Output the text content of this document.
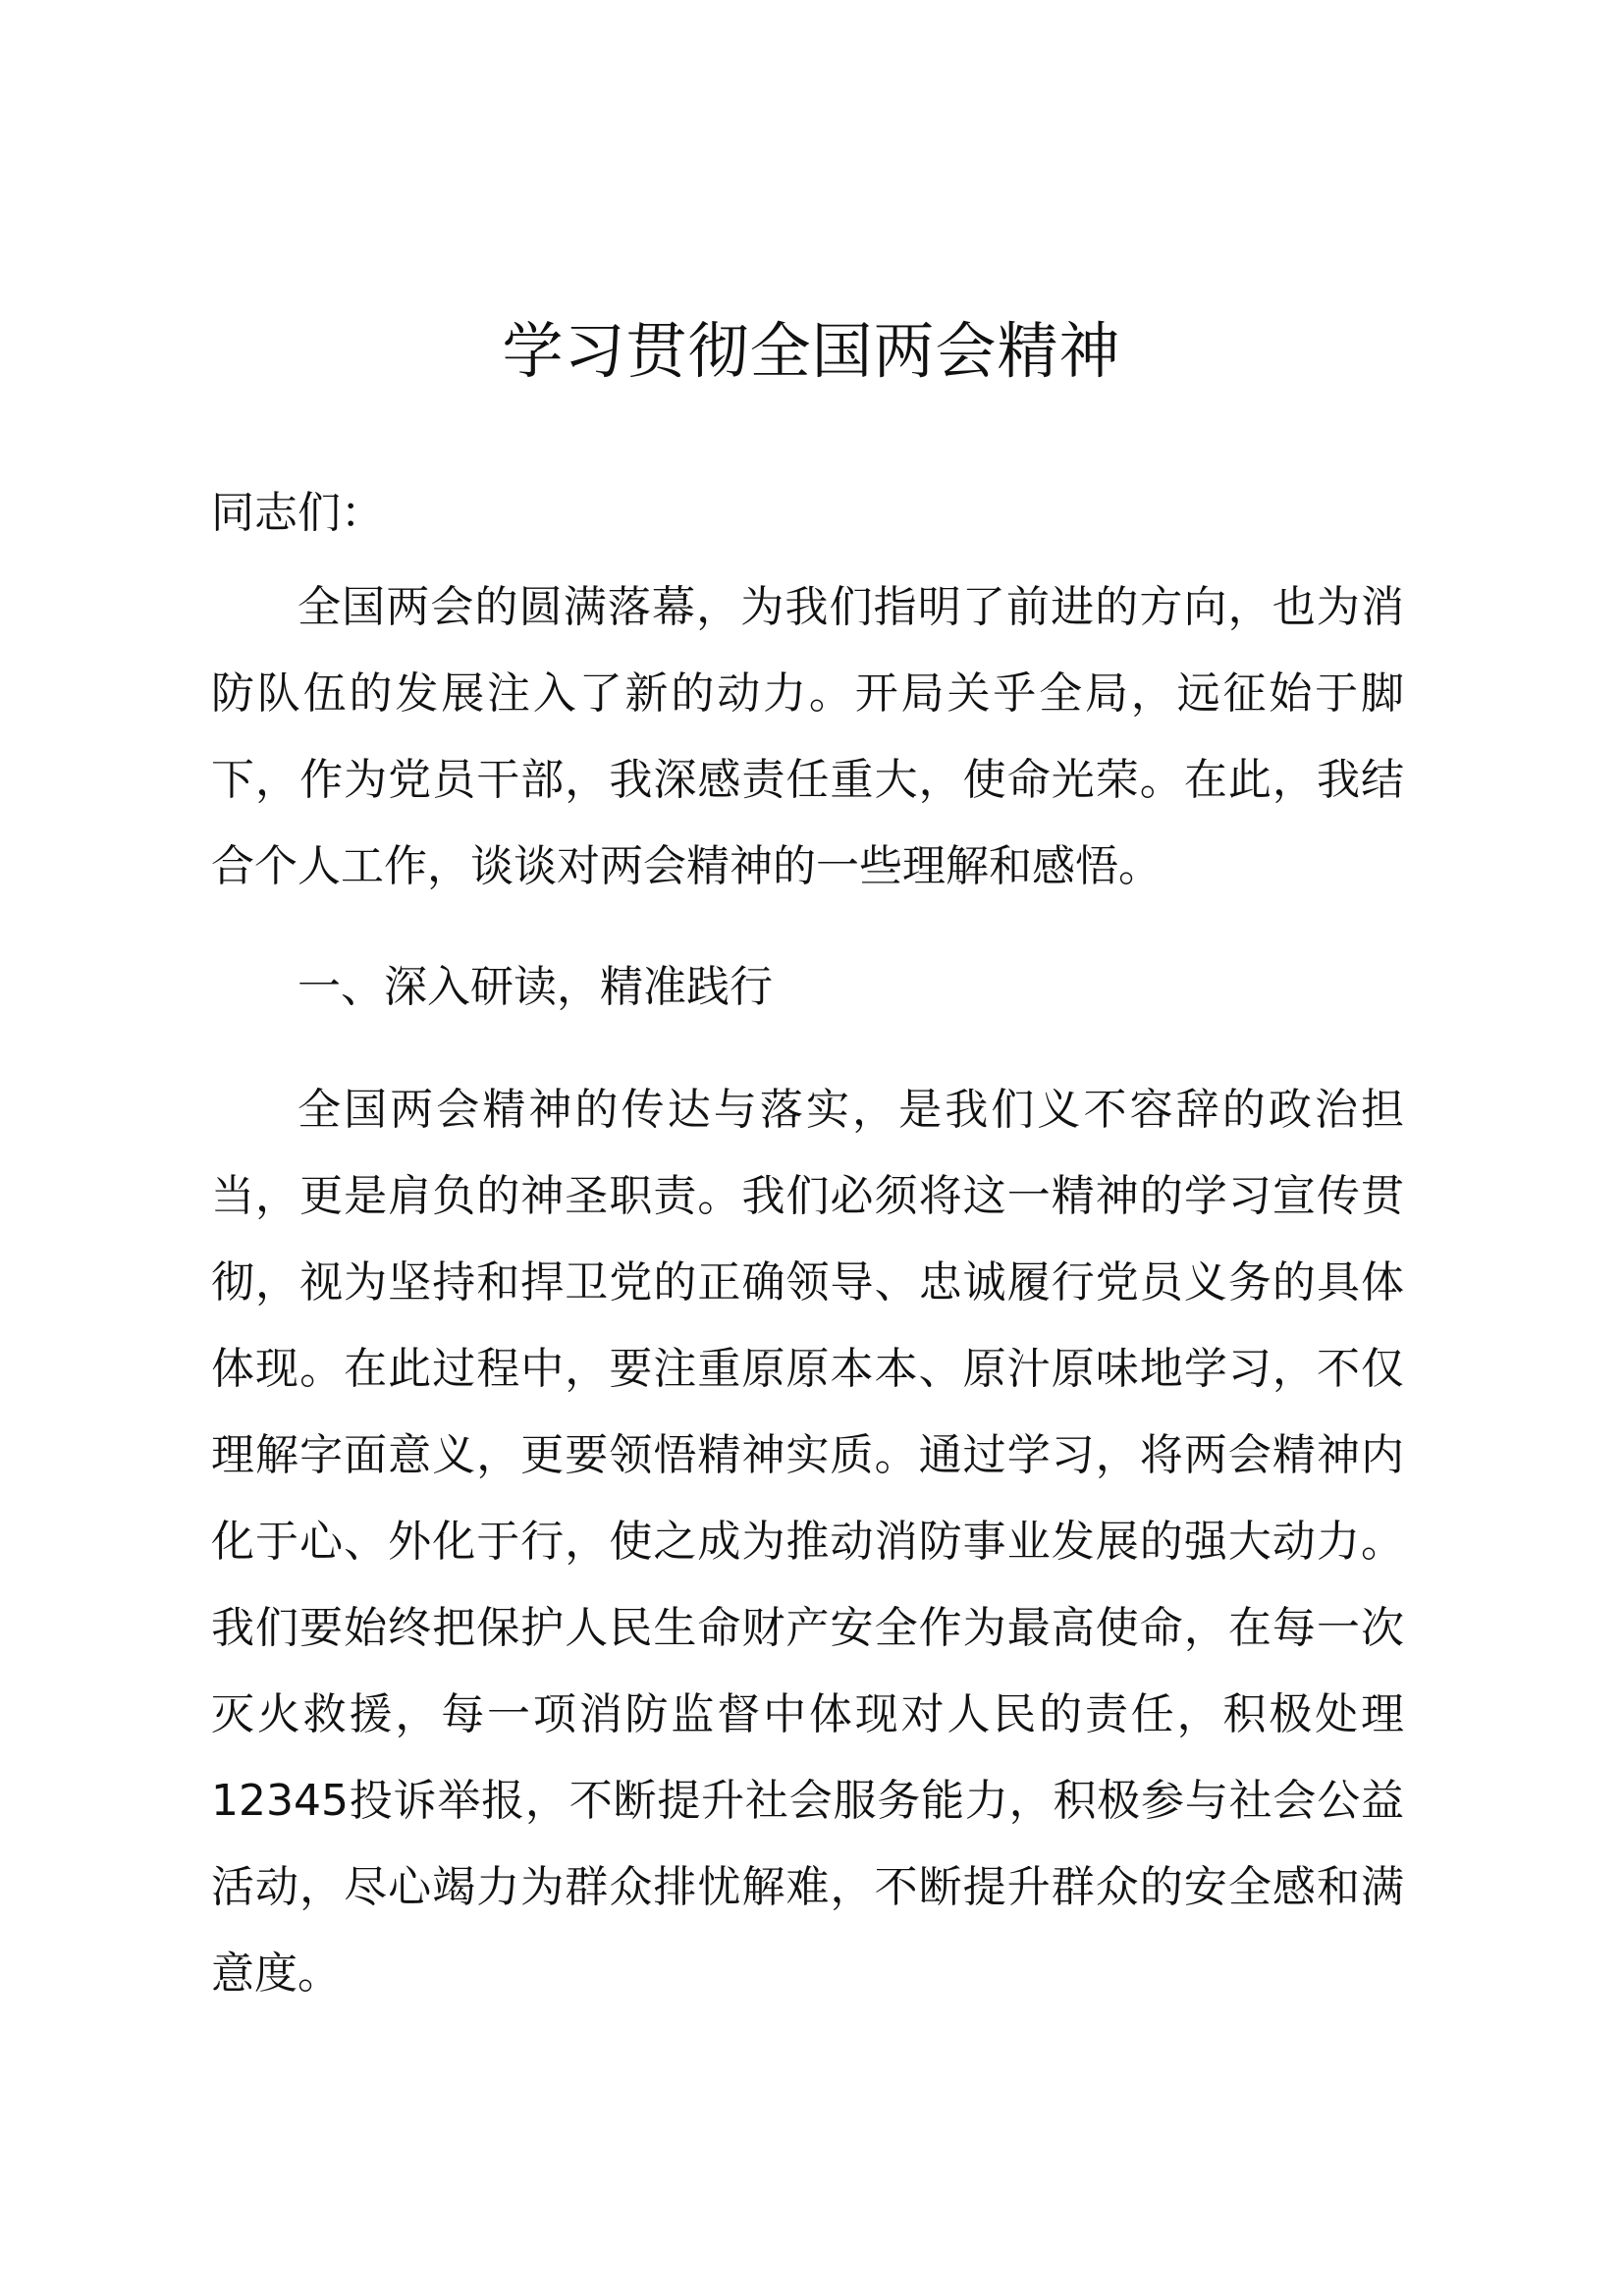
学习贯彻全国两会精神

同志们：

全国两会的圆满落幕，为我们指明了前进的方向，也为消防队伍的发展注入了新的动力。开局关乎全局，远征始于脚下，作为党员干部，我深感责任重大，使命光荣。在此，我结合个人工作，谈谈对两会精神的一些理解和感悟。

一、深入研读，精准践行

全国两会精神的传达与落实，是我们义不容辞的政治担当，更是肩负的神圣职责。我们必须将这一精神的学习宣传贯彻，视为坚持和捍卫党的正确领导、忠诚履行党员义务的具体体现。在此过程中，要注重原原本本、原汁原味地学习，不仅理解字面意义，更要领悟精神实质。通过学习，将两会精神内化于心、外化于行，使之成为推动消防事业发展的强大动力。我们要始终把保护人民生命财产安全作为最高使命，在每一次灭火救援，每一项消防监督中体现对人民的责任，积极处理12345投诉举报，不断提升社会服务能力，积极参与社会公益活动，尽心竭力为群众排忧解难，不断提升群众的安全感和满意度。
